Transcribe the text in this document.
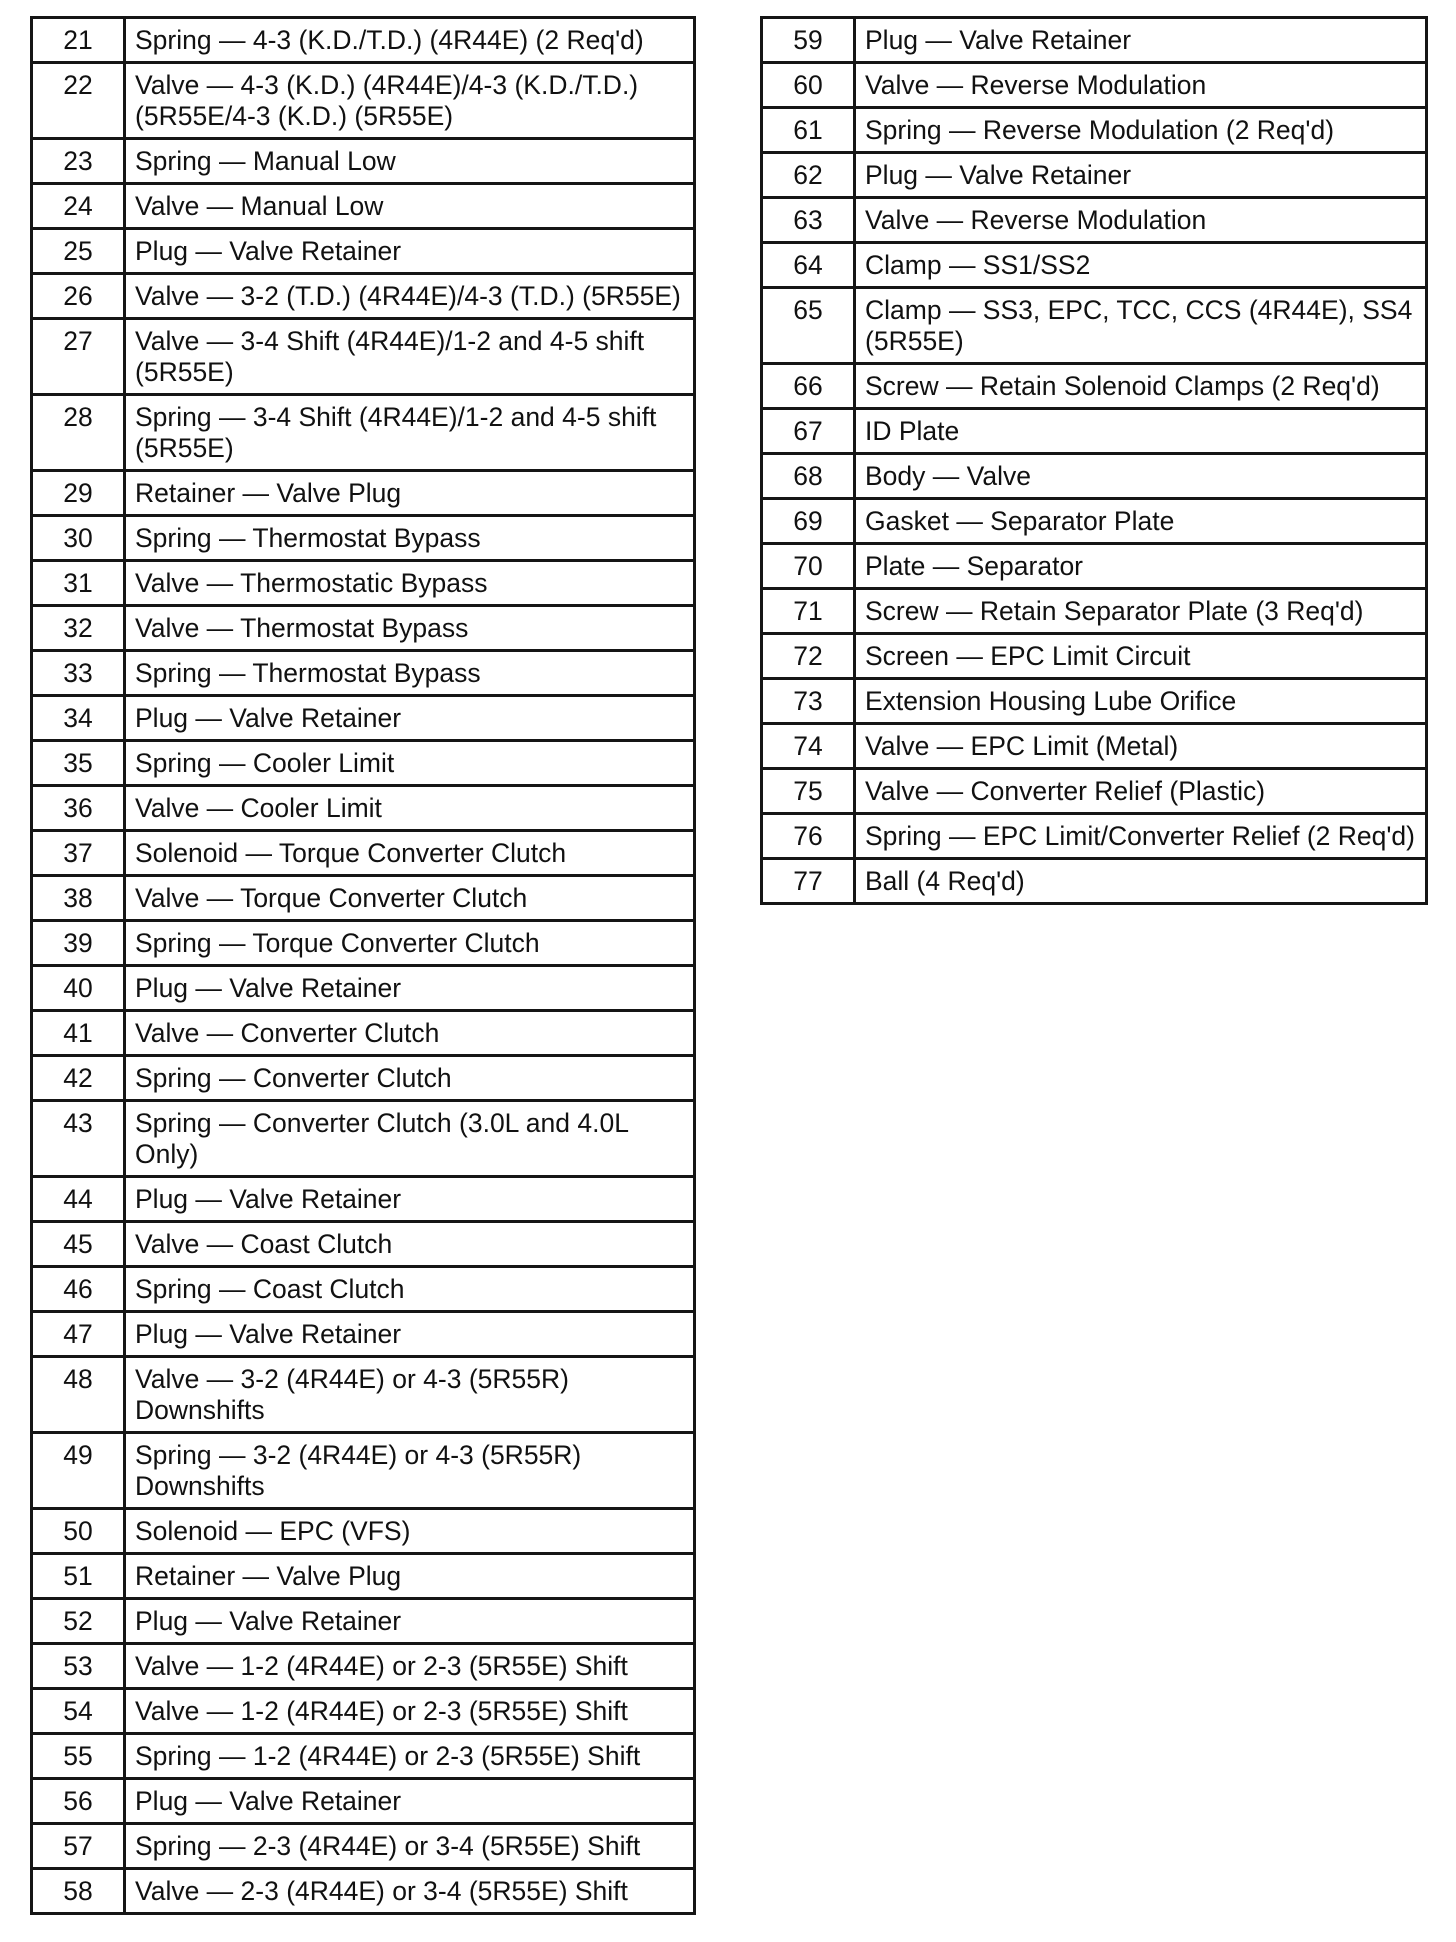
21	Spring — 4-3 (K.D./T.D.) (4R44E) (2 Req'd)
22	Valve — 4-3 (K.D.) (4R44E)/4-3 (K.D./T.D.) (5R55E/4-3 (K.D.) (5R55E)
23	Spring — Manual Low
24	Valve — Manual Low
25	Plug — Valve Retainer
26	Valve — 3-2 (T.D.) (4R44E)/4-3 (T.D.) (5R55E)
27	Valve — 3-4 Shift (4R44E)/1-2 and 4-5 shift (5R55E)
28	Spring — 3-4 Shift (4R44E)/1-2 and 4-5 shift (5R55E)
29	Retainer — Valve Plug
30	Spring — Thermostat Bypass
31	Valve — Thermostatic Bypass
32	Valve — Thermostat Bypass
33	Spring — Thermostat Bypass
34	Plug — Valve Retainer
35	Spring — Cooler Limit
36	Valve — Cooler Limit
37	Solenoid — Torque Converter Clutch
38	Valve — Torque Converter Clutch
39	Spring — Torque Converter Clutch
40	Plug — Valve Retainer
41	Valve — Converter Clutch
42	Spring — Converter Clutch
43	Spring — Converter Clutch (3.0L and 4.0L Only)
44	Plug — Valve Retainer
45	Valve — Coast Clutch
46	Spring — Coast Clutch
47	Plug — Valve Retainer
48	Valve — 3-2 (4R44E) or 4-3 (5R55R) Downshifts
49	Spring — 3-2 (4R44E) or 4-3 (5R55R) Downshifts
50	Solenoid — EPC (VFS)
51	Retainer — Valve Plug
52	Plug — Valve Retainer
53	Valve — 1-2 (4R44E) or 2-3 (5R55E) Shift
54	Valve — 1-2 (4R44E) or 2-3 (5R55E) Shift
55	Spring — 1-2 (4R44E) or 2-3 (5R55E) Shift
56	Plug — Valve Retainer
57	Spring — 2-3 (4R44E) or 3-4 (5R55E) Shift
58	Valve — 2-3 (4R44E) or 3-4 (5R55E) Shift
59	Plug — Valve Retainer
60	Valve — Reverse Modulation
61	Spring — Reverse Modulation (2 Req'd)
62	Plug — Valve Retainer
63	Valve — Reverse Modulation
64	Clamp — SS1/SS2
65	Clamp — SS3, EPC, TCC, CCS (4R44E), SS4 (5R55E)
66	Screw — Retain Solenoid Clamps (2 Req'd)
67	ID Plate
68	Body — Valve
69	Gasket — Separator Plate
70	Plate — Separator
71	Screw — Retain Separator Plate (3 Req'd)
72	Screen — EPC Limit Circuit
73	Extension Housing Lube Orifice
74	Valve — EPC Limit (Metal)
75	Valve — Converter Relief (Plastic)
76	Spring — EPC Limit/Converter Relief (2 Req'd)
77	Ball (4 Req'd)
